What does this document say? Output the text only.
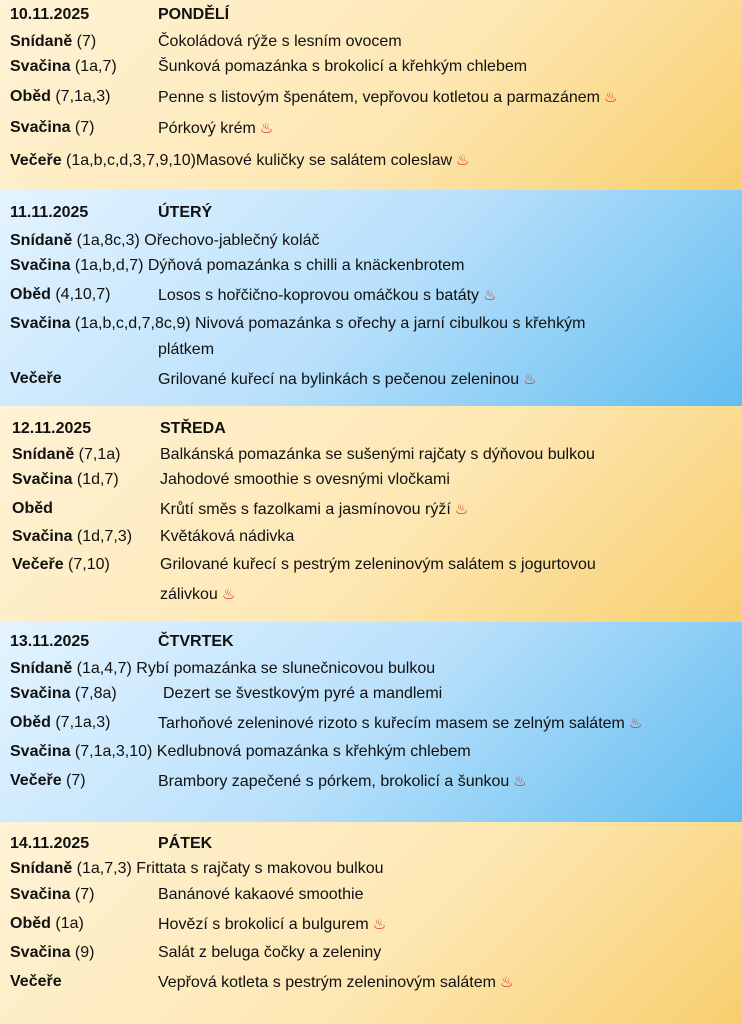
10.11.2025	PONDĚLÍ
Snídaně (7)	Čokoládová rýže s lesním ovocem
Svačina (1a,7)	Šunková pomazánka s brokolicí a křehkým chlebem
Oběd (7,1a,3)	Penne s listovým špenátem, vepřovou kotletou a parmazánem ♨
Svačina (7)	Pórkový krém ♨
Večeře (1a,b,c,d,3,7,9,10)Masové kuličky se salátem coleslaw ♨
11.11.2025	ÚTERÝ
Snídaně (1a,8c,3) Ořechovo-jablečný koláč
Svačina (1a,b,d,7) Dýňová pomazánka s chilli a knäckenbrotem
Oběd (4,10,7)	Losos s hořčično-koprovou omáčkou s batáty ♨
Svačina (1a,b,c,d,7,8c,9) Nivová pomazánka s ořechy a jarní cibulkou s křehkým
plátkem
Večeře	Grilované kuřecí na bylinkách s pečenou zeleninou ♨
12.11.2025	STŘEDA
Snídaně (7,1a) Balkánská pomazánka se sušenými rajčaty s dýňovou bulkou
Svačina (1d,7)	Jahodové smoothie s ovesnými vločkami
Oběd	Krůtí směs s fazolkami a jasmínovou rýží ♨
Svačina (1d,7,3) Květáková nádivka
Večeře (7,10)	Grilované kuřecí s pestrým zeleninovým salátem s jogurtovou
zálivkou ♨
13.11.2025	ČTVRTEK
Snídaně (1a,4,7) Rybí pomazánka se slunečnicovou bulkou
Svačina (7,8a)	Dezert se švestkovým pyré a mandlemi
Oběd (7,1a,3)	Tarhoňové zeleninové rizoto s kuřecím masem se zelným salátem ♨
Svačina (7,1a,3,10) Kedlubnová pomazánka s křehkým chlebem
Večeře (7)	Brambory zapečené s pórkem, brokolicí a šunkou ♨
14.11.2025	PÁTEK
Snídaně (1a,7,3) Frittata s rajčaty s makovou bulkou
Svačina (7)	Banánové kakaové smoothie
Oběd (1a)	Hovězí s brokolicí a bulgurem ♨
Svačina (9)	Salát z beluga čočky a zeleniny
Večeře	Vepřová kotleta s pestrým zeleninovým salátem ♨
